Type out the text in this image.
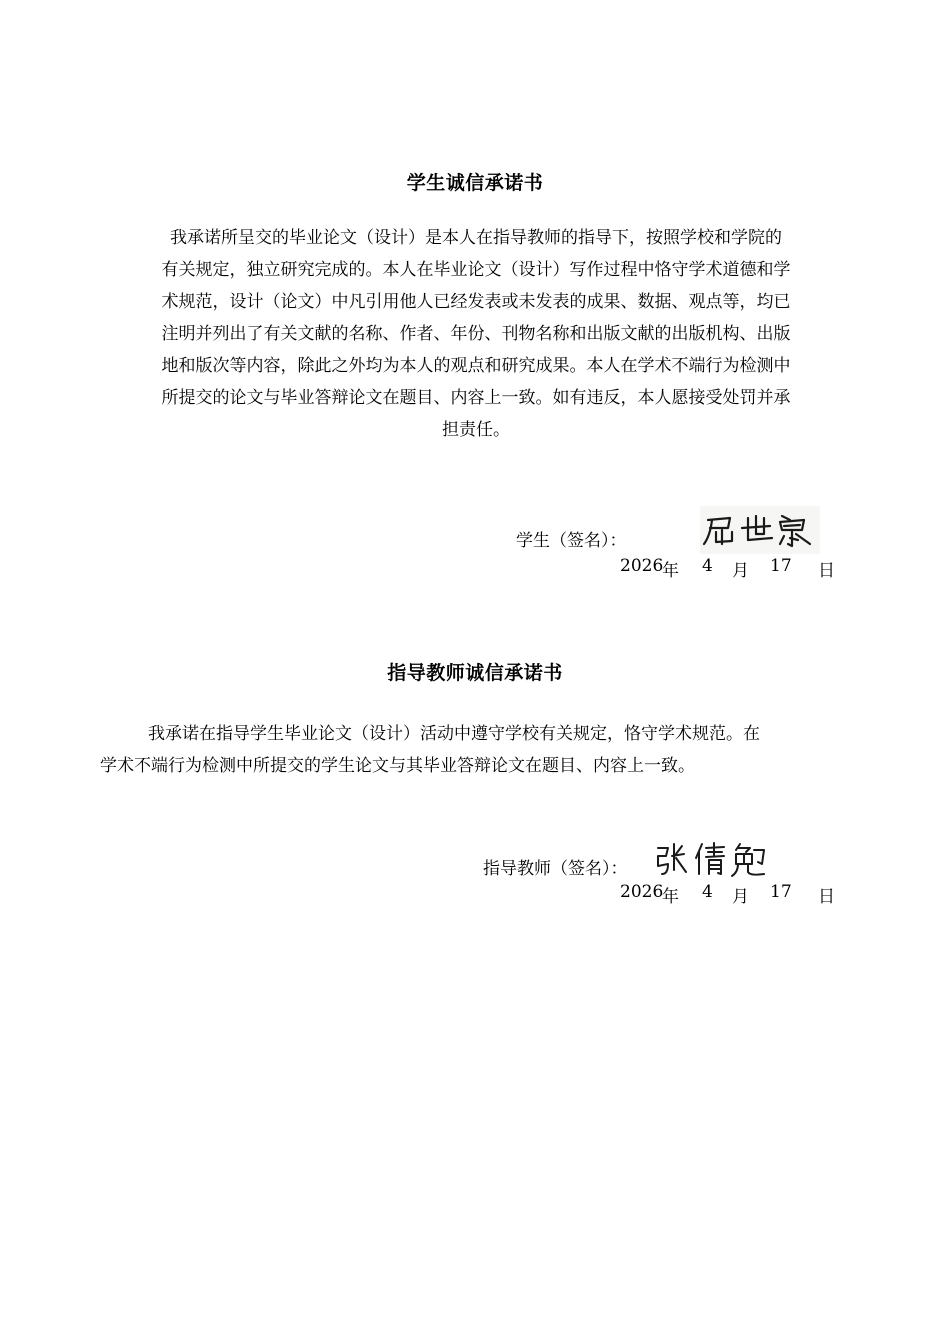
学生诚信承诺书

我承诺所呈交的毕业论文（设计）是本人在指导教师的指导下，按照学校和学院的

有关规定，独立研究完成的。本人在毕业论文（设计）写作过程中恪守学术道德和学

术规范，设计（论文）中凡引用他人已经发表或未发表的成果、数据、观点等，均已

注明并列出了有关文献的名称、作者、年份、刊物名称和出版文献的出版机构、出版

地和版次等内容，除此之外均为本人的观点和研究成果。本人在学术不端行为检测中

所提交的论文与毕业答辩论文在题目、内容上一致。如有违反，本人愿接受处罚并承

担责任。

学生（签名）：
2026
年 4 月 17 日
指导教师诚信承诺书

我承诺在指导学生毕业论文（设计）活动中遵守学校有关规定，恪守学术规范。在

学术不端行为检测中所提交的学生论文与其毕业答辩论文在题目、内容上一致。

指导教师（签名）：
2026
年 4 月 17 日
